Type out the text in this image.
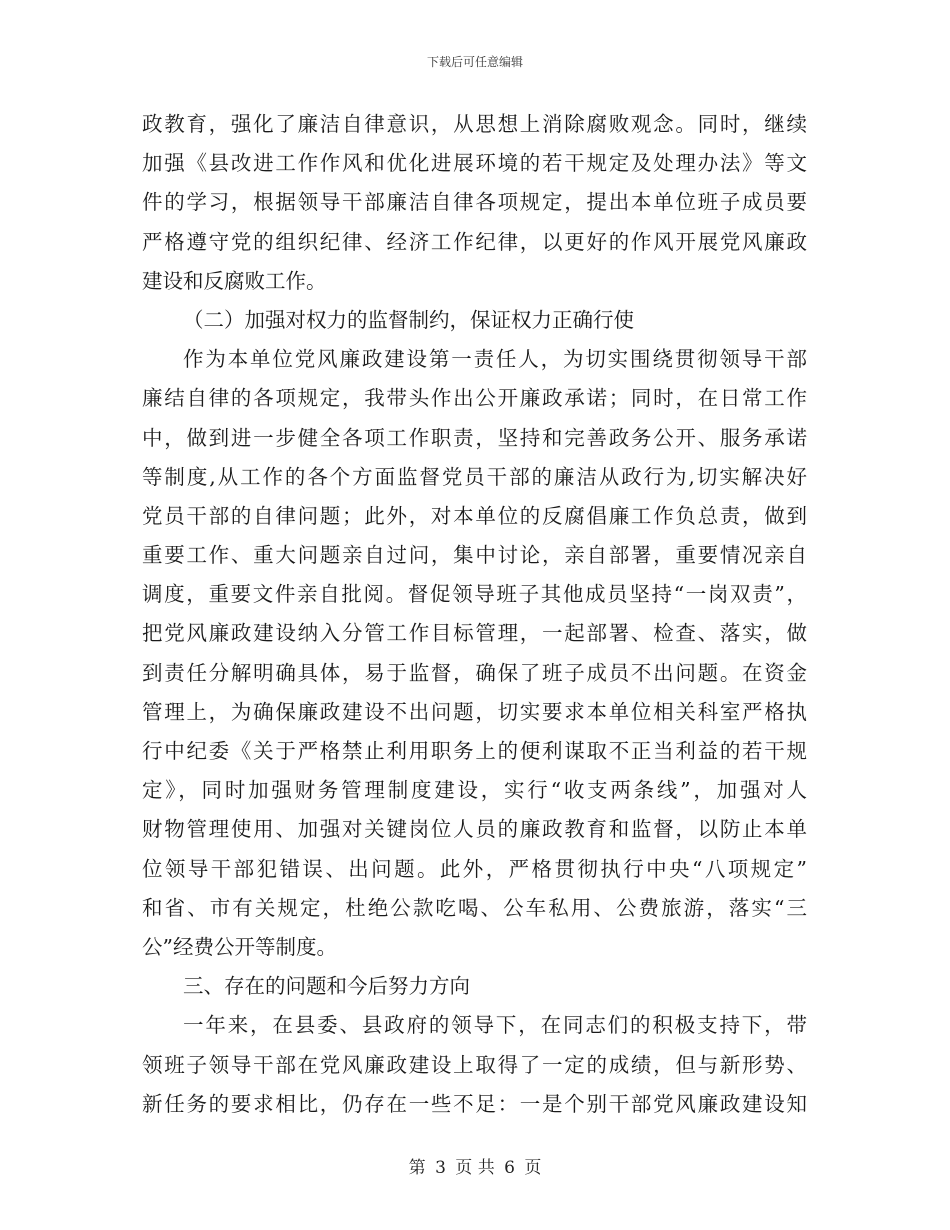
下载后可任意编辑
政教育，强化了廉洁自律意识，从思想上消除腐败观念。同时，继续
加强《县改进工作作风和优化进展环境的若干规定及处理办法》等文
件的学习，根据领导干部廉洁自律各项规定，提出本单位班子成员要
严格遵守党的组织纪律、经济工作纪律，以更好的作风开展党风廉政
建设和反腐败工作。
（二）加强对权力的监督制约，保证权力正确行使
作为本单位党风廉政建设第一责任人，为切实围绕贯彻领导干部
廉结自律的各项规定，我带头作出公开廉政承诺；同时，在日常工作
中，做到进一步健全各项工作职责，坚持和完善政务公开、服务承诺
等制度,从工作的各个方面监督党员干部的廉洁从政行为,切实解决好
党员干部的自律问题；此外，对本单位的反腐倡廉工作负总责，做到
重要工作、重大问题亲自过问，集中讨论，亲自部署，重要情况亲自
调度，重要文件亲自批阅。督促领导班子其他成员坚持“一岗双责”，
把党风廉政建设纳入分管工作目标管理，一起部署、检查、落实，做
到责任分解明确具体，易于监督，确保了班子成员不出问题。在资金
管理上，为确保廉政建设不出问题，切实要求本单位相关科室严格执
行中纪委《关于严格禁止利用职务上的便利谋取不正当利益的若干规
定》，同时加强财务管理制度建设，实行“收支两条线”，加强对人
财物管理使用、加强对关键岗位人员的廉政教育和监督，以防止本单
位领导干部犯错误、出问题。此外，严格贯彻执行中央“八项规定”
和省、市有关规定，杜绝公款吃喝、公车私用、公费旅游，落实“三
公”经费公开等制度。
三、存在的问题和今后努力方向
一年来，在县委、县政府的领导下，在同志们的积极支持下，带
领班子领导干部在党风廉政建设上取得了一定的成绩，但与新形势、
新任务的要求相比，仍存在一些不足：一是个别干部党风廉政建设知
第 3 页 共 6 页
